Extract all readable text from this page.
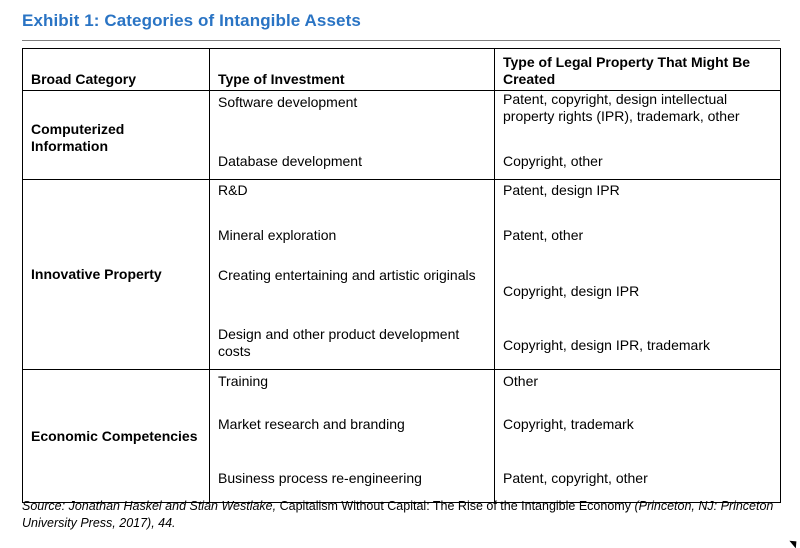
Exhibit 1: Categories of Intangible Assets
Broad Category	Type of Investment	Type of Legal Property That Might Be Created
Computerized Information	Software development	Patent, copyright, design intellectual property rights (IPR), trademark, other

	Database development	Copyright, other

Innovative Property	R&D	Patent, design IPR

	Mineral exploration	Patent, other

	Creating entertaining and artistic originals	Copyright, design IPR

	Design and other product development costs	Copyright, design IPR, trademark

Economic Competencies	Training	Other

	Market research and branding	Copyright, trademark

	Business process re-engineering	Patent, copyright, other
Source: Jonathan Haskel and Stian Westlake, Capitalism Without Capital: The Rise of the Intangible Economy (Princeton, NJ: Princeton University Press, 2017), 44.
